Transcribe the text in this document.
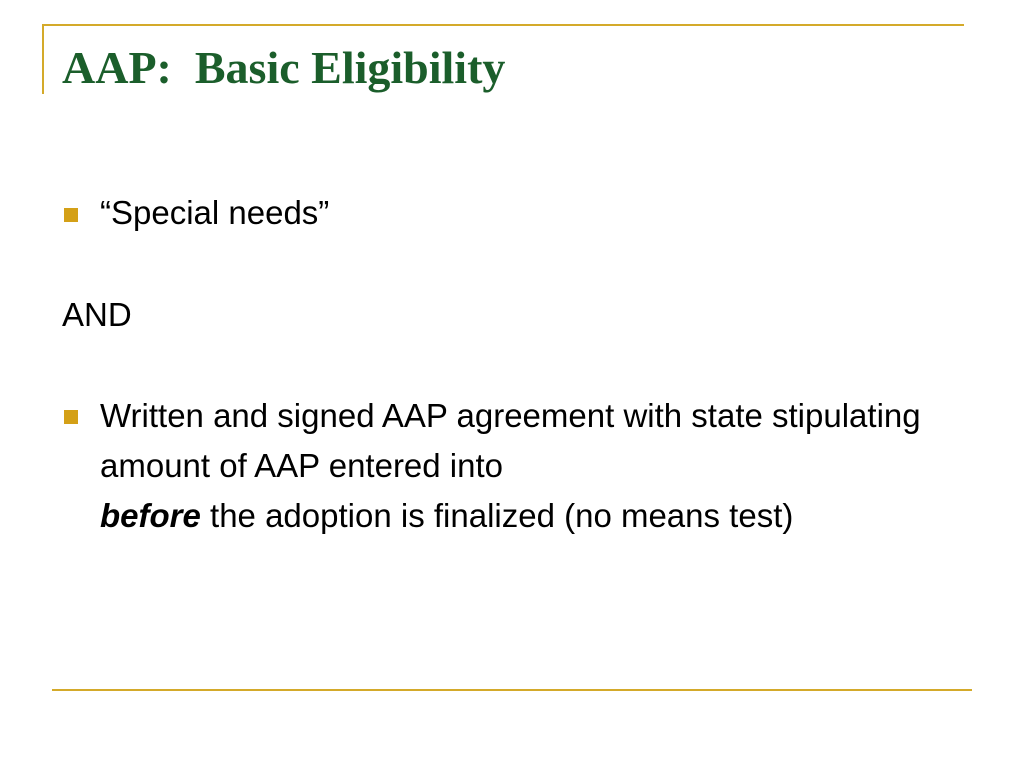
AAP:  Basic Eligibility
“Special needs”
AND
Written and signed AAP agreement with state stipulating amount of AAP entered into
before the adoption is finalized (no means test)
